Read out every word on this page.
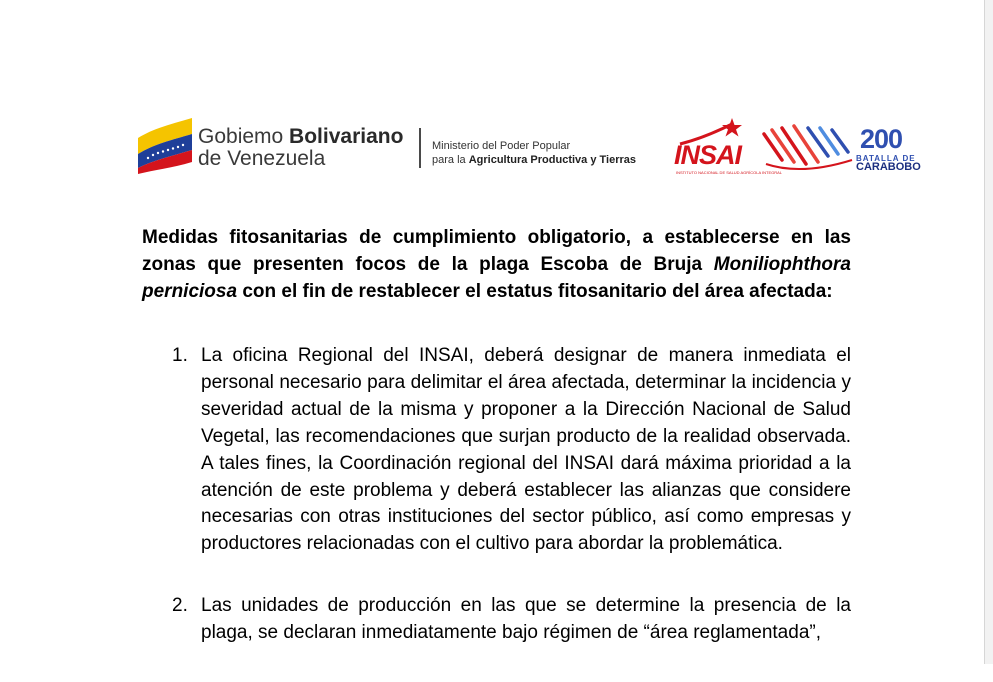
Gobiemo Bolivariano
de Venezuela
Ministerio del Poder Popular
para la Agricultura Productiva y Tierras INSAI
INSTITUTO NACIONAL DE SALUD AGRÍCOLA INTEGRAL
200
BATALLA DE
CARABOBO

Medidas fitosanitarias de cumplimiento obligatorio, a establecerse en las zonas que presenten focos de la plaga Escoba de Bruja Moniliophthora perniciosa con el fin de restablecer el estatus fitosanitario del área afectada:

1. La oficina Regional del INSAI, deberá designar de manera inmediata el personal necesario para delimitar el área afectada, determinar la incidencia y severidad actual de la misma y proponer a la Dirección Nacional de Salud Vegetal, las recomendaciones que surjan producto de la realidad observada. A tales fines, la Coordinación regional del INSAI dará máxima prioridad a la atención de este problema y deberá establecer las alianzas que considere necesarias con otras instituciones del sector público, así como empresas y productores relacionadas con el cultivo para abordar la problemática.
2. Las unidades de producción en las que se determine la presencia de la plaga, se declaran inmediatamente bajo régimen de “área reglamentada”,
